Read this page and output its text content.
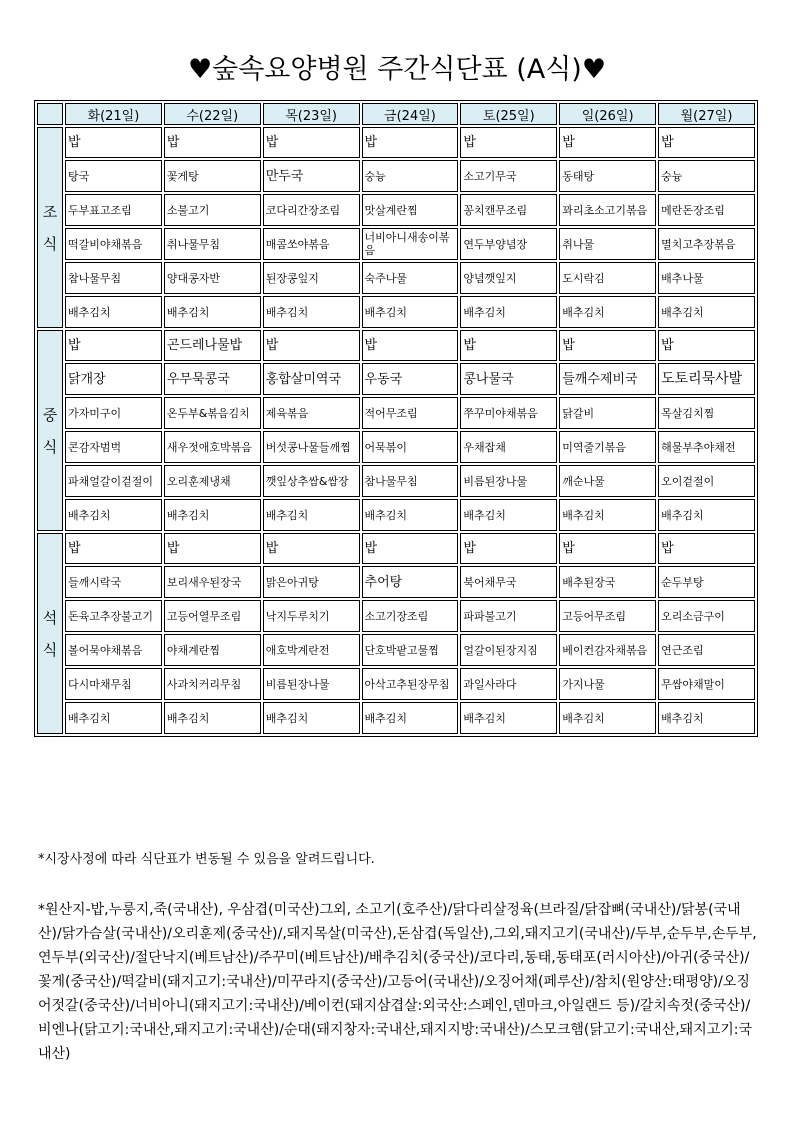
♥숲속요양병원 주간식단표 (A식)♥
	화(21일)	수(22일)	목(23일)	금(24일)	토(25일)	일(26일)	월(27일)

조
식	밥	밥	밥	밥	밥	밥	밥
	탕국	꽃게탕	만두국	숭늉	소고기무국	동태탕	숭늉
	두부표고조림	소불고기	코다리간장조림	맛살계란찜	꽁치캔무조림	꽈리초소고기볶음	메란돈장조림
	떡갈비야채볶음	취나물무침	매콤쏘야볶음	너비아니새송이볶음	연두부양념장	취나물	멸치고추장볶음
	참나물무침	양대콩자반	된장콩잎지	숙주나물	양념깻잎지	도시락김	배추나물
	배추김치	배추김치	배추김치	배추김치	배추김치	배추김치	배추김치

중
식	밥	곤드레나물밥	밥	밥	밥	밥	밥
	닭개장	우무묵콩국	홍합살미역국	우동국	콩나물국	들깨수제비국	도토리묵사발
	가자미구이	온두부&볶음김치	제육볶음	적어무조림	쭈꾸미야채볶음	닭갈비	목살김치찜
	콘감자범벅	새우젓애호박볶음	버섯콩나물들깨찜	어묵볶이	우채잡채	미역줄기볶음	해물부추야채전
	파채얼갈이겉절이	오리훈제냉채	깻잎상추쌈&쌈장	참나물무침	비름된장나물	깨순나물	오이겉절이
	배추김치	배추김치	배추김치	배추김치	배추김치	배추김치	배추김치

석
식	밥	밥	밥	밥	밥	밥	밥
	들깨시락국	보리새우된장국	맑은아귀탕	추어탕	북어채무국	배추된장국	순두부탕
	돈육고추장불고기	고등어열무조림	낙지두루치기	소고기장조림	파파불고기	고등어무조림	오리소금구이
	볼어묵야채볶음	야채계란찜	애호박계란전	단호박팥고물찜	얼갈이된장지짐	베이컨감자채볶음	연근조림
	다시마채무침	사과치커리무침	비름된장나물	아삭고추된장무침	과일사라다	가지나물	무쌈야채말이
	배추김치	배추김치	배추김치	배추김치	배추김치	배추김치	배추김치
*시장사정에 따라 식단표가 변동될 수 있음을 알려드립니다.
*원산지-밥,누룽지,죽(국내산), 우삼겹(미국산)그외, 소고기(호주산)/닭다리살정육(브라질/닭잡뼈(국내산)/닭봉(국내산)/닭가슴살(국내산)/오리훈제(중국산)/,돼지목살(미국산),돈삼겹(독일산),그외,돼지고기(국내산)/두부,순두부,손두부,연두부(외국산)/절단낙지(베트남산)/주꾸미(베트남산)/배추김치(중국산)/코다리,동태,동태포(러시아산)/아귀(중국산)/꽃게(중국산)/떡갈비(돼지고기:국내산)/미꾸라지(중국산)/고등어(국내산)/오징어채(페루산)/참치(원양산:태평양)/오징어젓갈(중국산)/너비아니(돼지고기:국내산)/베이컨(돼지삼겹살:외국산:스페인,덴마크,아일랜드 등)/갈치속젓(중국산)/비엔나(닭고기:국내산,돼지고기:국내산)/순대(돼지창자:국내산,돼지지방:국내산)/스모크햄(닭고기:국내산,돼지고기:국내산)
